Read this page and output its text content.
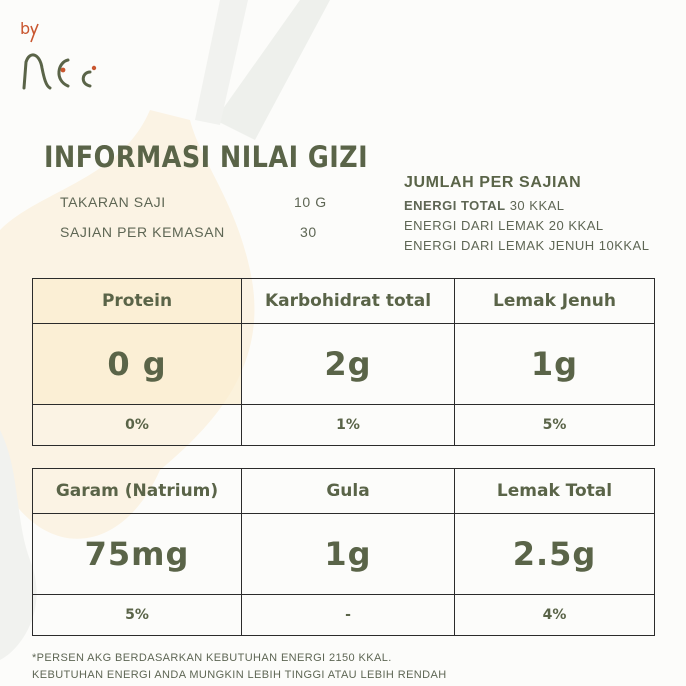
b
INFORMASI NILAI GIZI
TAKARAN SAJI	10 G
SAJIAN PER KEMASAN	30
JUMLAH PER SAJIAN
ENERGI TOTAL 30 KKAL
ENERGI DARI LEMAK 20 KKAL
ENERGI DARI LEMAK JENUH 10KKAL
Protein	Karbohidrat total	Lemak Jenuh
0 g	2g	1g
0%	1%	5%
Garam (Natrium)	Gula	Lemak Total
75mg	1g	2.5g
5%	-	4%
*PERSEN AKG BERDASARKAN KEBUTUHAN ENERGI 2150 KKAL.
KEBUTUHAN ENERGI ANDA MUNGKIN LEBIH TINGGI ATAU LEBIH RENDAH
